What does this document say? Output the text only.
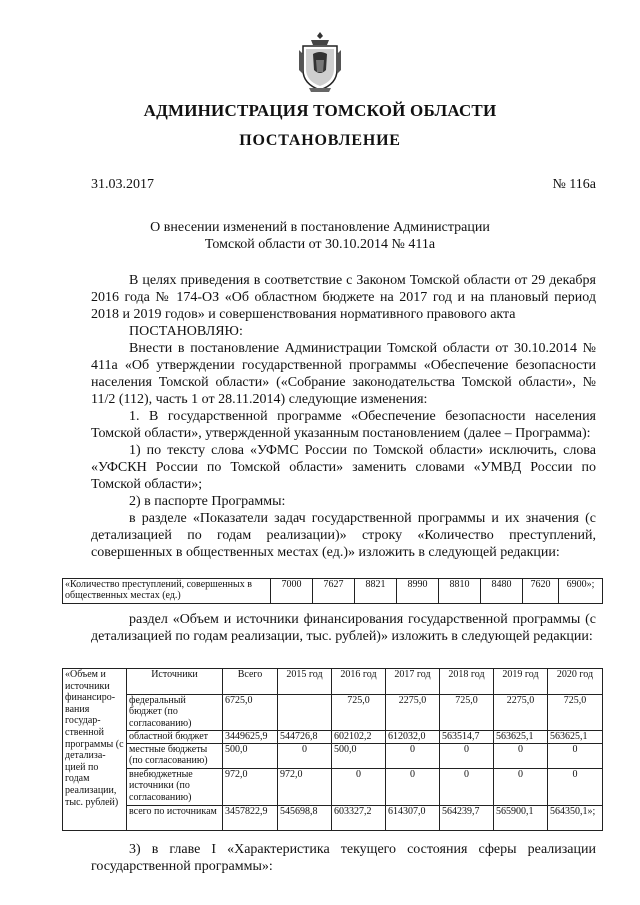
АДМИНИСТРАЦИЯ ТОМСКОЙ ОБЛАСТИ
ПОСТАНОВЛЕНИЕ
31.03.2017	№ 116а
О внесении изменений в постановление Администрации
Томской области от 30.10.2014 № 411а

В целях приведения в соответствие с Законом Томской области от 29 декабря 2016 года № 174-ОЗ «Об областном бюджете на 2017 год и на плановый период 2018 и 2019 годов» и совершенствования нормативного правового акта

ПОСТАНОВЛЯЮ:

Внести в постановление Администрации Томской области от 30.10.2014 № 411а «Об утверждении государственной программы «Обеспечение безопасности населения Томской области» («Собрание законодательства Томской области», № 11/2 (112), часть 1 от 28.11.2014) следующие изменения:

1. В государственной программе «Обеспечение безопасности населения Томской области», утвержденной указанным постановлением (далее – Программа):

1) по тексту слова «УФМС России по Томской области» исключить, слова «УФСКН России по Томской области» заменить словами «УМВД России по Томской области»;

2) в паспорте Программы:

в разделе «Показатели задач государственной программы и их значения (с детализацией по годам реализации)» строку «Количество преступлений, совершенных в общественных местах (ед.)» изложить в следующей редакции:

«Количество преступлений, совершенных в общественных местах (ед.)	7000	7627	8821	8990	8810	8480	7620	6900»;

раздел «Объем и источники финансирования государственной программы (с детализацией по годам реализации, тыс. рублей)» изложить в следующей редакции:

«Объем и источники финансиро-вания государ-ственной программы (с детализа-цией по годам реализации, тыс. рублей)	Источники	Всего	2015 год	2016 год	2017 год	2018 год	2019 год	2020 год
	федеральный бюджет (по согласованию)	6725,0		725,0	2275,0	725,0	2275,0	725,0
	областной бюджет	3449625,9	544726,8	602102,2	612032,0	563514,7	563625,1	563625,1
	местные бюджеты (по согласованию)	500,0	0	500,0	0	0	0	0
	внебюджетные источники (по согласованию)	972,0	972,0	0	0	0	0	0
	всего по источникам	3457822,9	545698,8	603327,2	614307,0	564239,7	565900,1	564350,1»;

3) в главе I «Характеристика текущего состояния сферы реализации государственной программы»:
